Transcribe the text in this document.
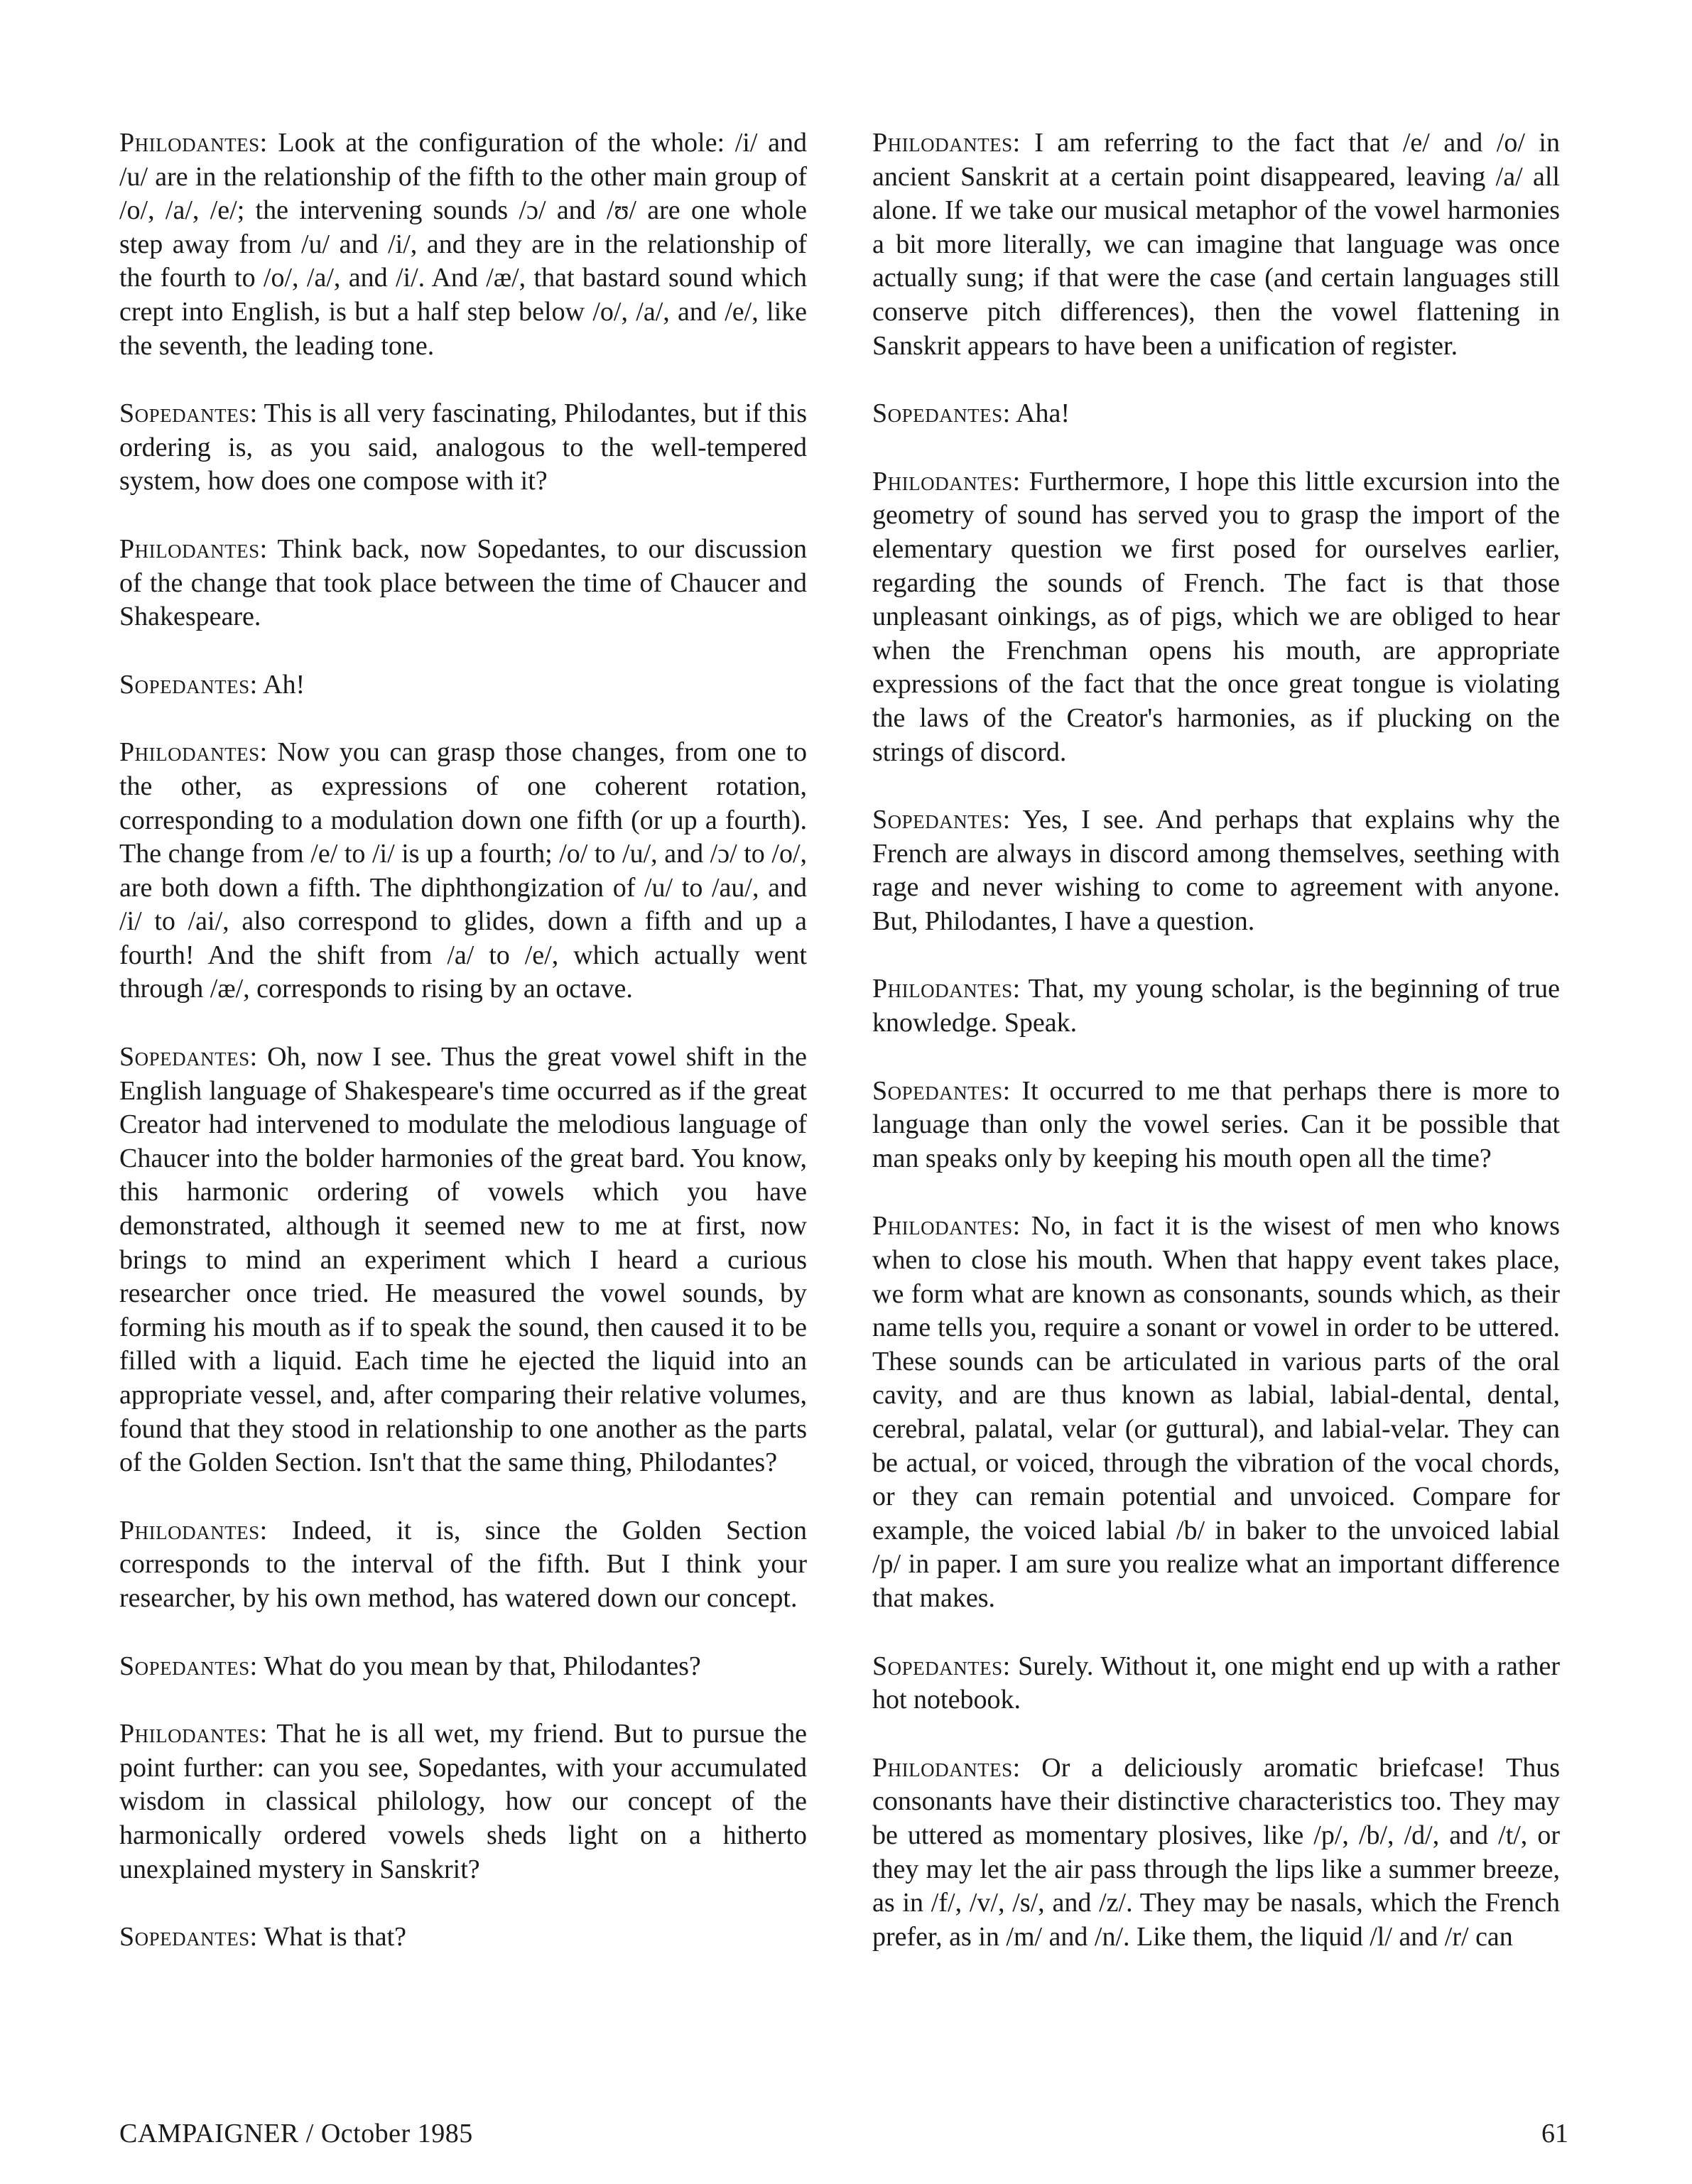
Philodantes: Look at the configuration of the whole: /i/ and /u/ are in the relationship of the fifth to the other main group of /o/, /a/, /e/; the intervening sounds /ɔ/ and /ʊ/ are one whole step away from /u/ and /i/, and they are in the relationship of the fourth to /o/, /a/, and /i/. And /æ/, that bastard sound which crept into English, is but a half step below /o/, /a/, and /e/, like the seventh, the leading tone.

Sopedantes: This is all very fascinating, Philodantes, but if this ordering is, as you said, analogous to the well-tempered system, how does one compose with it?

Philodantes: Think back, now Sopedantes, to our discussion of the change that took place between the time of Chaucer and Shakespeare.

Sopedantes: Ah!

Philodantes: Now you can grasp those changes, from one to the other, as expressions of one coherent rotation, corresponding to a modulation down one fifth (or up a fourth). The change from /e/ to /i/ is up a fourth; /o/ to /u/, and /ɔ/ to /o/, are both down a fifth. The diphthongization of /u/ to /au/, and /i/ to /ai/, also correspond to glides, down a fifth and up a fourth! And the shift from /a/ to /e/, which actually went through /æ/, corresponds to rising by an octave.

Sopedantes: Oh, now I see. Thus the great vowel shift in the English language of Shakespeare's time occurred as if the great Creator had intervened to modulate the melodious language of Chaucer into the bolder harmonies of the great bard. You know, this harmonic ordering of vowels which you have demonstrated, although it seemed new to me at first, now brings to mind an experiment which I heard a curious researcher once tried. He measured the vowel sounds, by forming his mouth as if to speak the sound, then caused it to be filled with a liquid. Each time he ejected the liquid into an appropriate vessel, and, after comparing their relative volumes, found that they stood in relationship to one another as the parts of the Golden Section. Isn't that the same thing, Philodantes?

Philodantes: Indeed, it is, since the Golden Section corresponds to the interval of the fifth. But I think your researcher, by his own method, has watered down our concept.

Sopedantes: What do you mean by that, Philodantes?

Philodantes: That he is all wet, my friend. But to pursue the point further: can you see, Sopedantes, with your accumulated wisdom in classical philology, how our concept of the harmonically ordered vowels sheds light on a hitherto unexplained mystery in Sanskrit?

Sopedantes: What is that?

Philodantes: I am referring to the fact that /e/ and /o/ in ancient Sanskrit at a certain point disappeared, leaving /a/ all alone. If we take our musical metaphor of the vowel harmonies a bit more literally, we can imagine that language was once actually sung; if that were the case (and certain languages still conserve pitch differences), then the vowel flattening in Sanskrit appears to have been a unification of register.

Sopedantes: Aha!

Philodantes: Furthermore, I hope this little excursion into the geometry of sound has served you to grasp the import of the elementary question we first posed for ourselves earlier, regarding the sounds of French. The fact is that those unpleasant oinkings, as of pigs, which we are obliged to hear when the Frenchman opens his mouth, are appropriate expressions of the fact that the once great tongue is violating the laws of the Creator's harmonies, as if plucking on the strings of discord.

Sopedantes: Yes, I see. And perhaps that explains why the French are always in discord among themselves, seething with rage and never wishing to come to agreement with anyone. But, Philodantes, I have a question.

Philodantes: That, my young scholar, is the beginning of true knowledge. Speak.

Sopedantes: It occurred to me that perhaps there is more to language than only the vowel series. Can it be possible that man speaks only by keeping his mouth open all the time?

Philodantes: No, in fact it is the wisest of men who knows when to close his mouth. When that happy event takes place, we form what are known as consonants, sounds which, as their name tells you, require a sonant or vowel in order to be uttered. These sounds can be articulated in various parts of the oral cavity, and are thus known as labial, labial-dental, dental, cerebral, palatal, velar (or guttural), and labial-velar. They can be actual, or voiced, through the vibration of the vocal chords, or they can remain potential and unvoiced. Compare for example, the voiced labial /b/ in baker to the unvoiced labial /p/ in paper. I am sure you realize what an important difference that makes.

Sopedantes: Surely. Without it, one might end up with a rather hot notebook.

Philodantes: Or a deliciously aromatic briefcase! Thus consonants have their distinctive characteristics too. They may be uttered as momentary plosives, like /p/, /b/, /d/, and /t/, or they may let the air pass through the lips like a summer breeze, as in /f/, /v/, /s/, and /z/. They may be nasals, which the French prefer, as in /m/ and /n/. Like them, the liquid /l/ and /r/ can

CAMPAIGNER / October 1985	61
